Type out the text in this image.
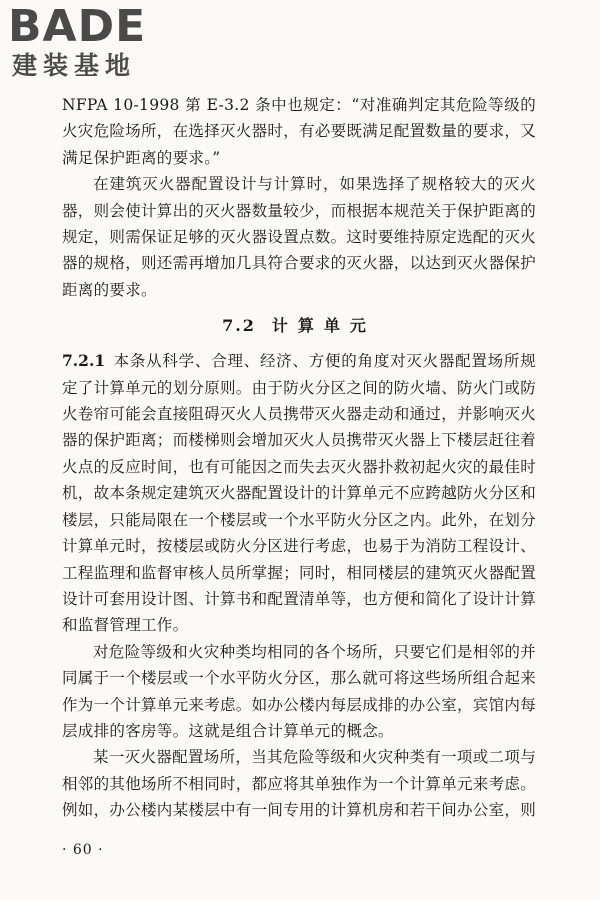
BADE
建装基地

NFPA 10-1998 第 E-3.2 条中也规定：“对准确判定其危险等级的火灾危险场所，在选择灭火器时，有必要既满足配置数量的要求，又满足保护距离的要求。”

在建筑灭火器配置设计与计算时，如果选择了规格较大的灭火器，则会使计算出的灭火器数量较少，而根据本规范关于保护距离的规定，则需保证足够的灭火器设置点数。这时要维持原定选配的灭火器的规格，则还需再增加几具符合要求的灭火器，以达到灭火器保护距离的要求。

7.2 计算单元

7.2.1 本条从科学、合理、经济、方便的角度对灭火器配置场所规定了计算单元的划分原则。由于防火分区之间的防火墙、防火门或防火卷帘可能会直接阻碍灭火人员携带灭火器走动和通过，并影响灭火器的保护距离；而楼梯则会增加灭火人员携带灭火器上下楼层赶往着火点的反应时间，也有可能因之而失去灭火器扑救初起火灾的最佳时机，故本条规定建筑灭火器配置设计的计算单元不应跨越防火分区和楼层，只能局限在一个楼层或一个水平防火分区之内。此外，在划分计算单元时，按楼层或防火分区进行考虑，也易于为消防工程设计、工程监理和监督审核人员所掌握；同时，相同楼层的建筑灭火器配置设计可套用设计图、计算书和配置清单等，也方便和简化了设计计算和监督管理工作。

对危险等级和火灾种类均相同的各个场所，只要它们是相邻的并同属于一个楼层或一个水平防火分区，那么就可将这些场所组合起来作为一个计算单元来考虑。如办公楼内每层成排的办公室，宾馆内每层成排的客房等。这就是组合计算单元的概念。

某一灭火器配置场所，当其危险等级和火灾种类有一项或二项与相邻的其他场所不相同时，都应将其单独作为一个计算单元来考虑。例如，办公楼内某楼层中有一间专用的计算机房和若干间办公室，则

· 60 ·
